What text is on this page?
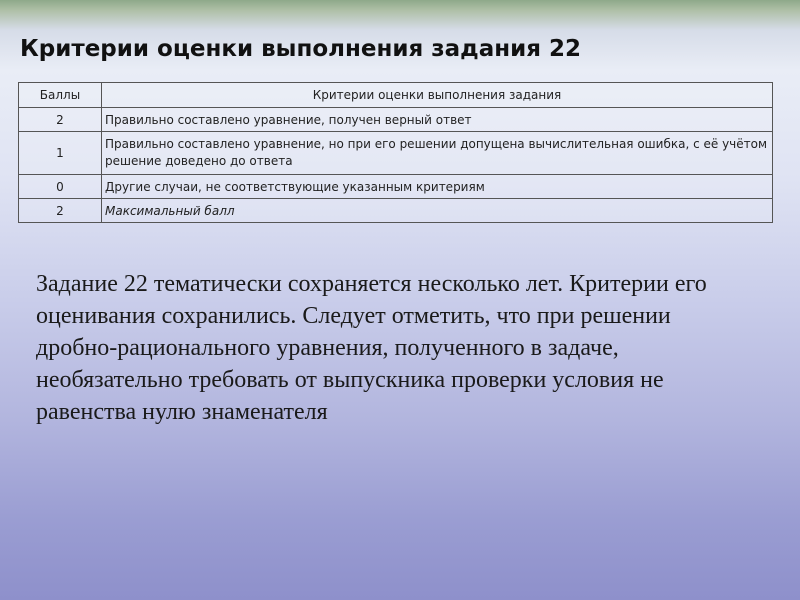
Критерии оценки выполнения задания 22
Баллы	Критерии оценки выполнения задания
2	Правильно составлено уравнение, получен верный ответ
1	Правильно составлено уравнение, но при его решении допущена вычислительная ошибка, с её учётом решение доведено до ответа
0	Другие случаи, не соответствующие указанным критериям
2	Максимальный балл
Задание 22 тематически сохраняется несколько лет. Критерии его оценивания сохранились. Следует отметить, что при решении дробно-рационального уравнения, полученного в задаче, необязательно требовать от выпускника проверки условия не равенства нулю знаменателя
